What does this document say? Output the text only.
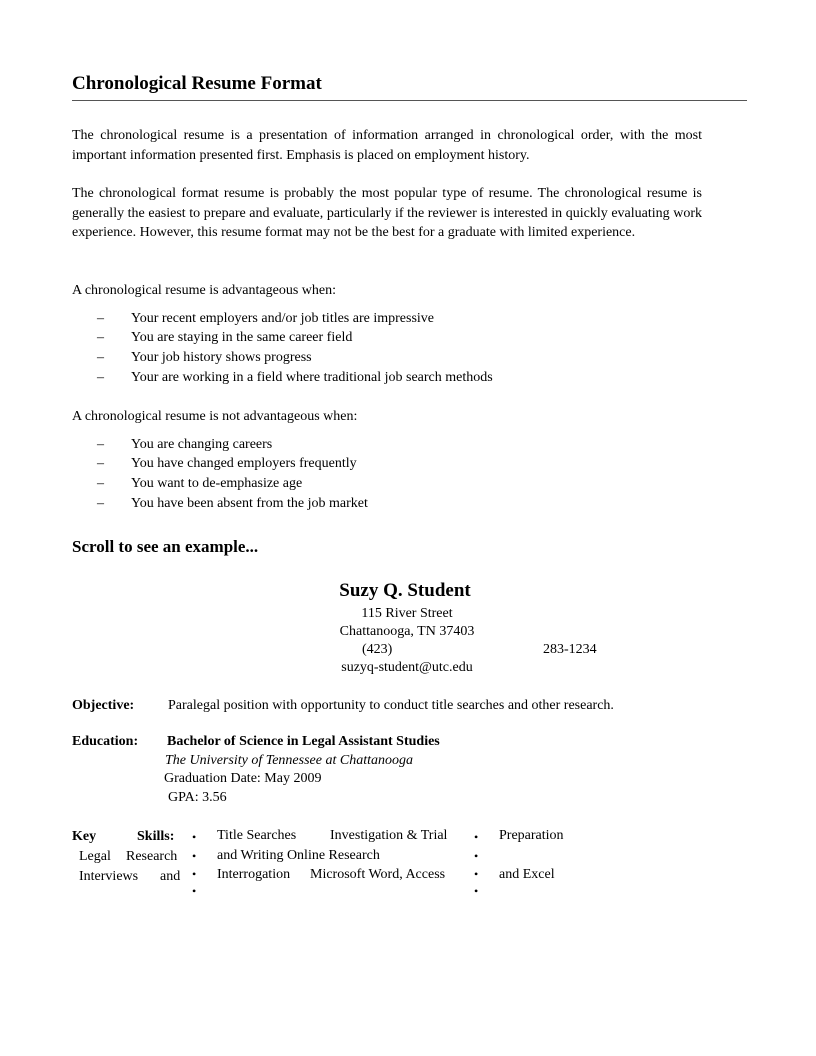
Chronological Resume Format
The chronological resume is a presentation of information arranged in chronological order, with the most important information presented first. Emphasis is placed on employment history.
The chronological format resume is probably the most popular type of resume. The chronological resume is generally the easiest to prepare and evaluate, particularly if the reviewer is interested in quickly evaluating work experience. However, this resume format may not be the best for a graduate with limited experience.
A chronological resume is advantageous when:
– Your recent employers and/or job titles are impressive
– You are staying in the same career field
– Your job history shows progress
– Your are working in a field where traditional job search methods
A chronological resume is not advantageous when:
– You are changing careers
– You have changed employers frequently
– You want to de-emphasize age
– You have been absent from the job market
Scroll to see an example...
Suzy Q. Student
115 River Street
Chattanooga, TN 37403
(423)	283-1234
suzyq-student@utc.edu
Objective: Paralegal position with opportunity to conduct title searches and other research.
Education: Bachelor of Science in Legal Assistant Studies
The University of Tennessee at Chattanooga
Graduation Date: May 2009
GPA: 3.56
Key	Skills:
Legal Research
Interviews and
•
•
•
•
Title Searches Investigation & Trial
and Writing Online Research
Interrogation Microsoft Word, Access
•
•
•
•
Preparation
and Excel
